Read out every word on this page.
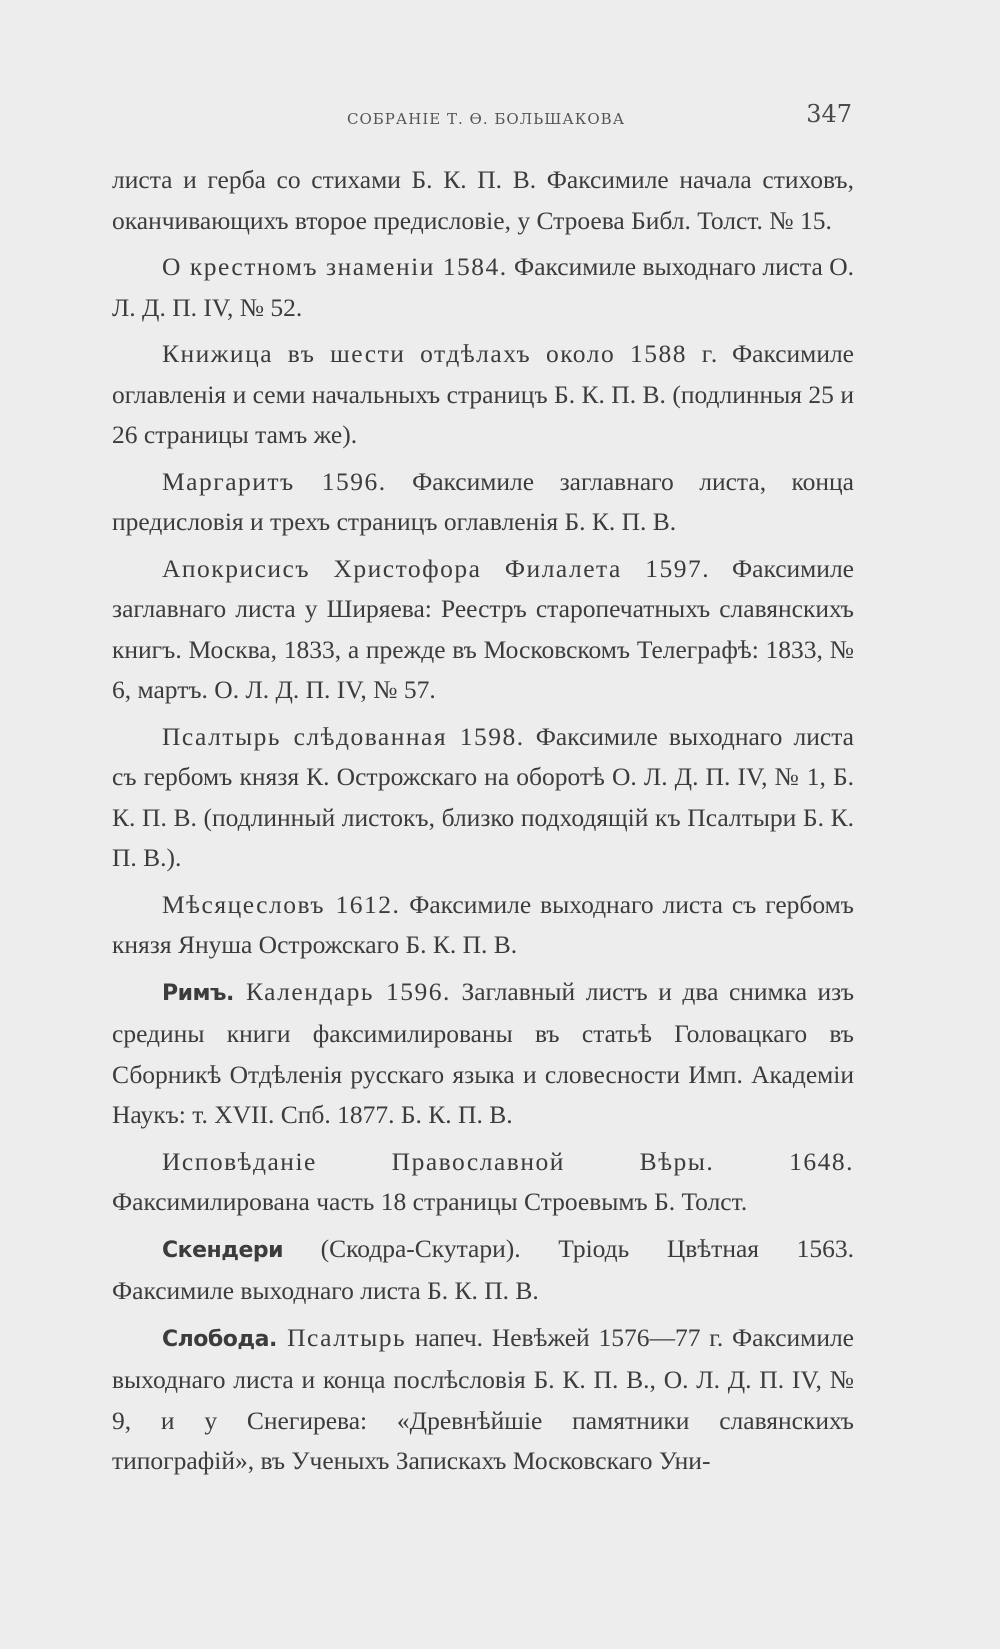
СОБРАНІЕ Т. Ѳ. БОЛЬШАКОВА	347

листа и герба со стихами Б. К. П. В. Факсимиле начала стиховъ, оканчивающихъ второе предисловіе, у Строева Библ. Толст. № 15.

О крестномъ знаменіи 1584. Факсимиле выходнаго листа О. Л. Д. П. IV, № 52.

Книжица въ шести отдѣлахъ около 1588 г. Факсимиле оглавленія и семи начальныхъ страницъ Б. К. П. В. (подлинныя 25 и 26 страницы тамъ же).

Маргаритъ 1596. Факсимиле заглавнаго листа, конца предисловія и трехъ страницъ оглавленія Б. К. П. В.

Апокрисисъ Христофора Филалета 1597. Факсимиле заглавнаго листа у Ширяева: Реестръ старопечатныхъ славянскихъ книгъ. Москва, 1833, а прежде въ Московскомъ Телеграфѣ: 1833, № 6, мартъ. О. Л. Д. П. IV, № 57.

Псалтырь слѣдованная 1598. Факсимиле выходнаго листа съ гербомъ князя К. Острожскаго на оборотѣ О. Л. Д. П. IV, № 1, Б. К. П. В. (подлинный листокъ, близко подходящій къ Псалтыри Б. К. П. В.).

Мѣсяцесловъ 1612. Факсимиле выходнаго листа съ гербомъ князя Януша Острожскаго Б. К. П. В.

Римъ. Календарь 1596. Заглавный листъ и два снимка изъ средины книги факсимилированы въ статьѣ Головацкаго въ Сборникѣ Отдѣленія русскаго языка и словесности Имп. Академіи Наукъ: т. XVII. Спб. 1877. Б. К. П. В.

Исповѣданіе Православной Вѣры. 1648. Факсимилирована часть 18 страницы Строевымъ Б. Толст.

Скендери (Скодра-Скутари). Тріодь Цвѣтная 1563. Факсимиле выходнаго листа Б. К. П. В.

Слобода. Псалтырь напеч. Невѣжей 1576—77 г. Факсимиле выходнаго листа и конца послѣсловія Б. К. П. В., О. Л. Д. П. IV, № 9, и у Снегирева: «Древнѣйшіе памятники славянскихъ типографій», въ Ученыхъ Запискахъ Московскаго Уни-
